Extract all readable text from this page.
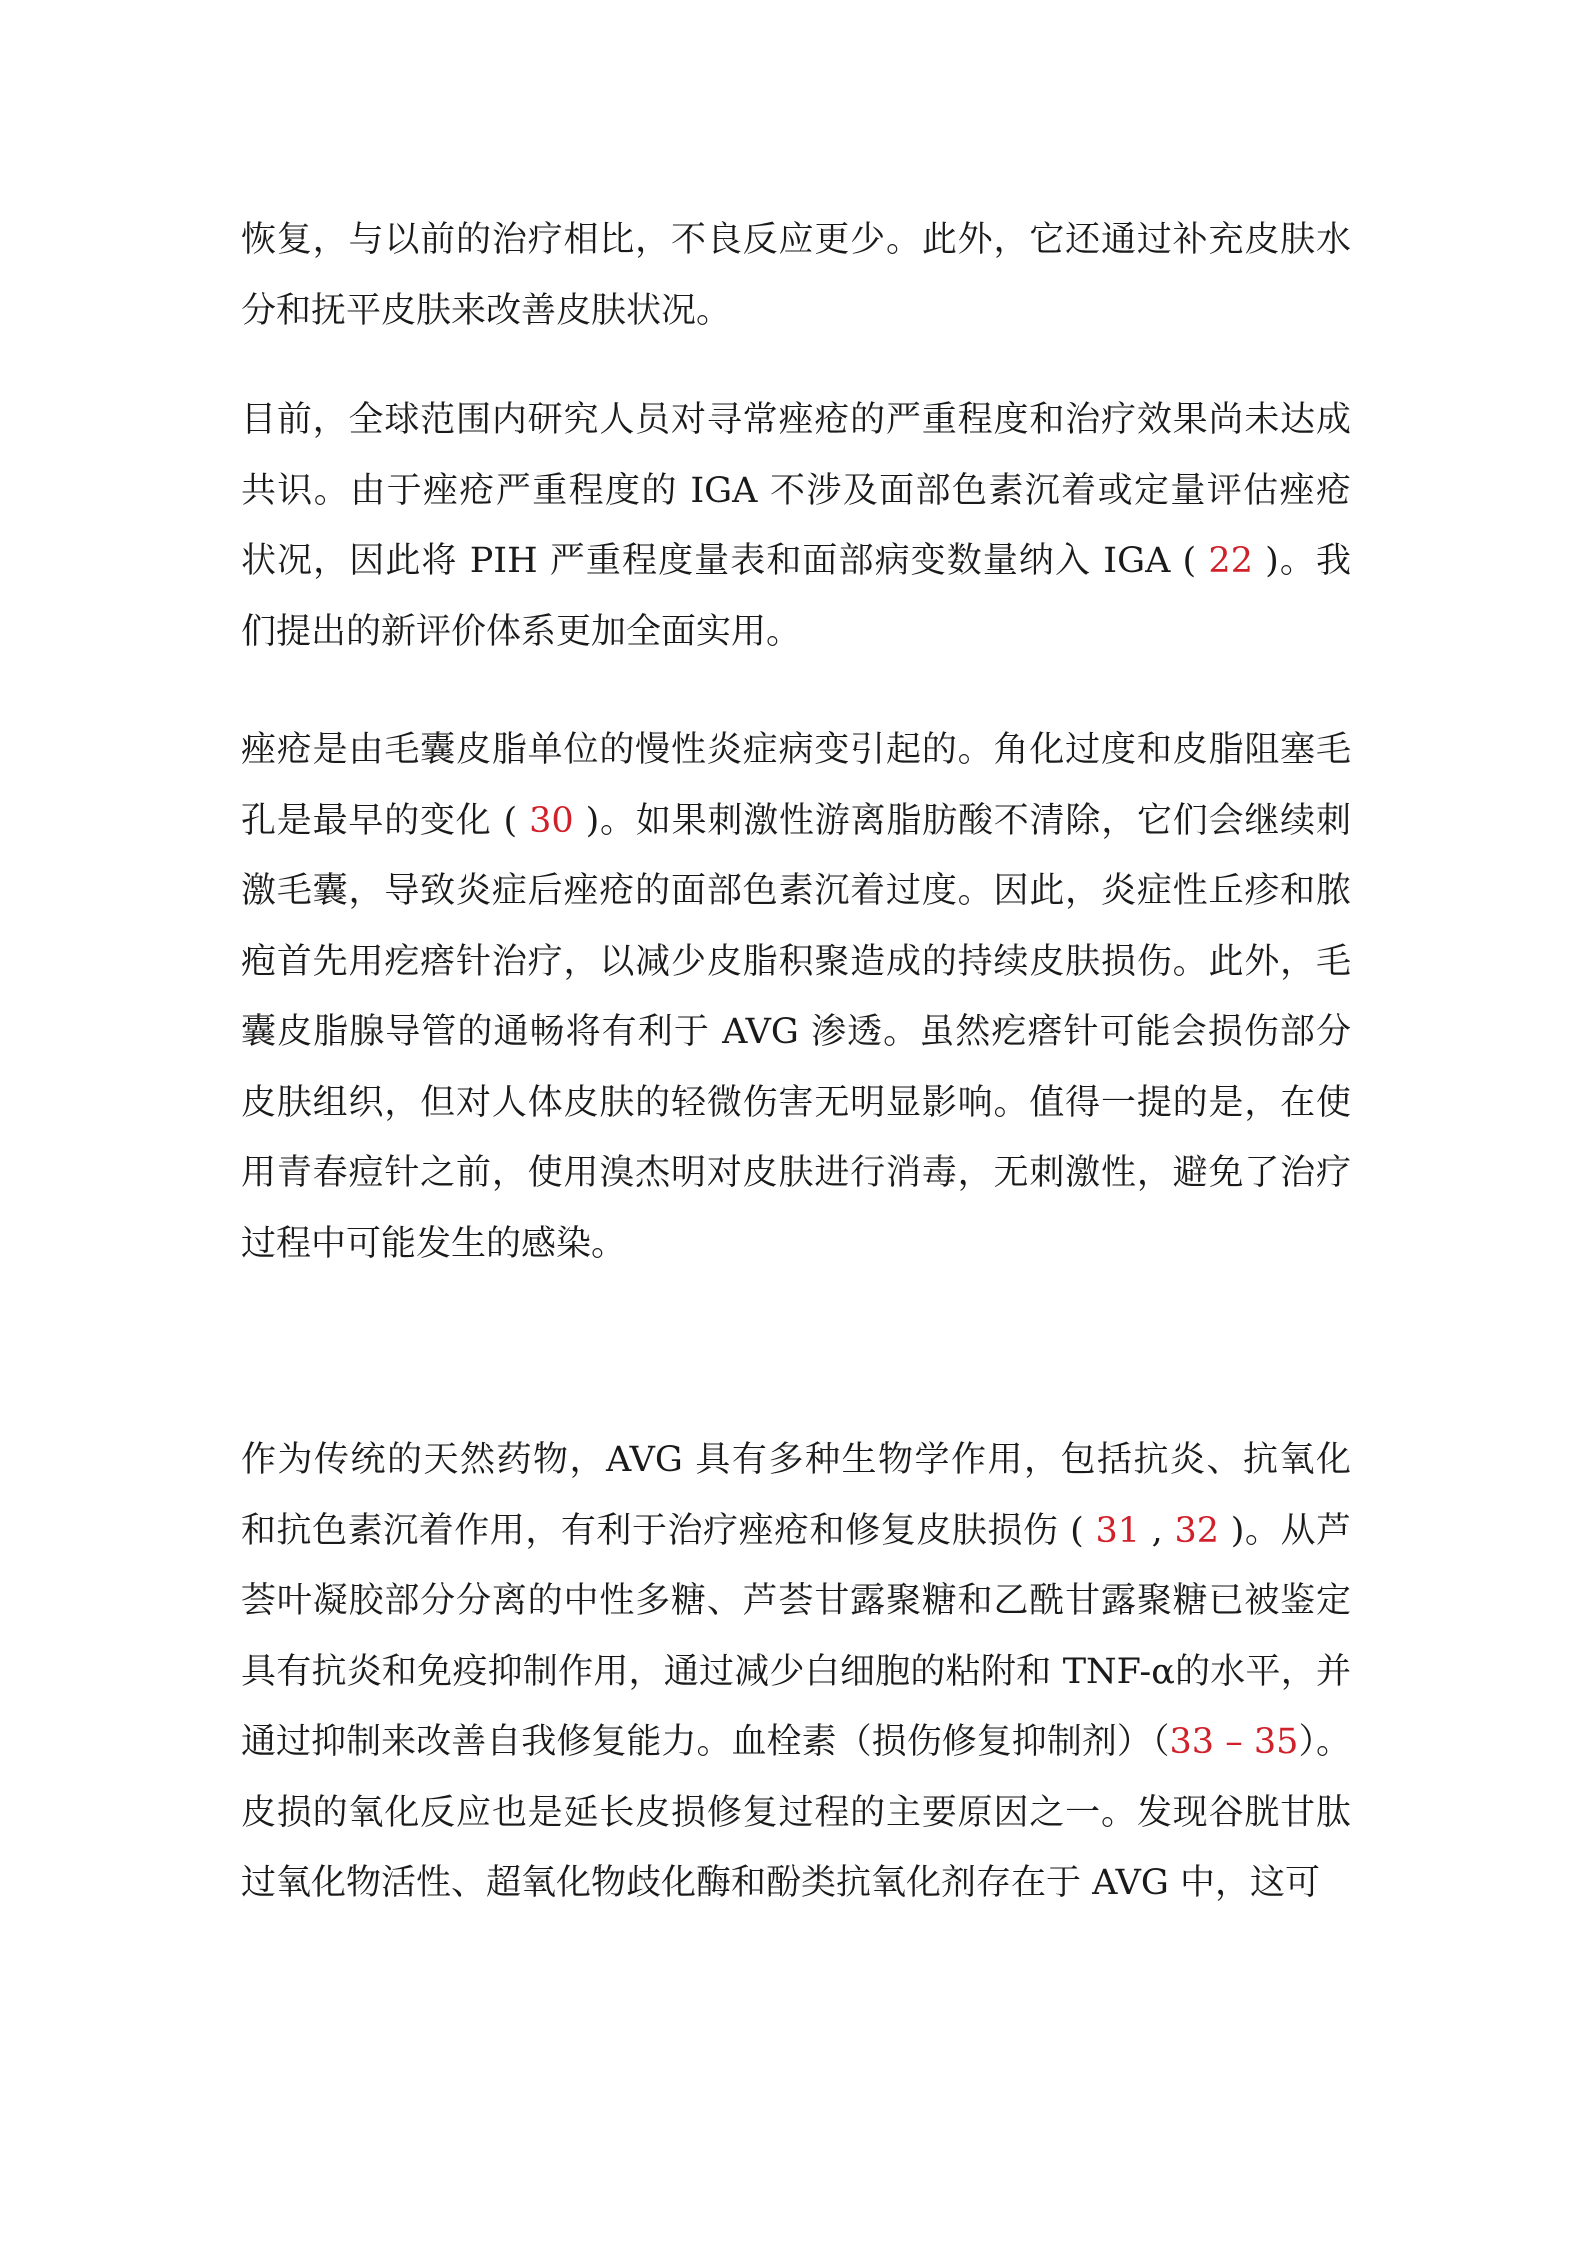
恢复，与以前的治疗相比，不良反应更少。此外，它还通过补充皮肤水
分和抚平皮肤来改善皮肤状况。
目前，全球范围内研究人员对寻常痤疮的严重程度和治疗效果尚未达成
共识。由于痤疮严重程度的 IGA 不涉及面部色素沉着或定量评估痤疮
状况，因此将 PIH 严重程度量表和面部病变数量纳入 IGA ( 22 )。我
们提出的新评价体系更加全面实用。
痤疮是由毛囊皮脂单位的慢性炎症病变引起的。角化过度和皮脂阻塞毛
孔是最早的变化 ( 30 )。如果刺激性游离脂肪酸不清除，它们会继续刺
激毛囊，导致炎症后痤疮的面部色素沉着过度。因此，炎症性丘疹和脓
疱首先用疙瘩针治疗，以减少皮脂积聚造成的持续皮肤损伤。此外，毛
囊皮脂腺导管的通畅将有利于 AVG 渗透。虽然疙瘩针可能会损伤部分
皮肤组织，但对人体皮肤的轻微伤害无明显影响。值得一提的是，在使
用青春痘针之前，使用溴杰明对皮肤进行消毒，无刺激性，避免了治疗
过程中可能发生的感染。
作为传统的天然药物，AVG 具有多种生物学作用，包括抗炎、抗氧化
和抗色素沉着作用，有利于治疗痤疮和修复皮肤损伤 ( 31 , 32 )。从芦
荟叶凝胶部分分离的中性多糖、芦荟甘露聚糖和乙酰甘露聚糖已被鉴定
具有抗炎和免疫抑制作用，通过减少白细胞的粘附和 TNF-α的水平，并
通过抑制来改善自我修复能力。血栓素（损伤修复抑制剂）（33 – 35）。
皮损的氧化反应也是延长皮损修复过程的主要原因之一。发现谷胱甘肽
过氧化物活性、超氧化物歧化酶和酚类抗氧化剂存在于 AVG 中，这可
